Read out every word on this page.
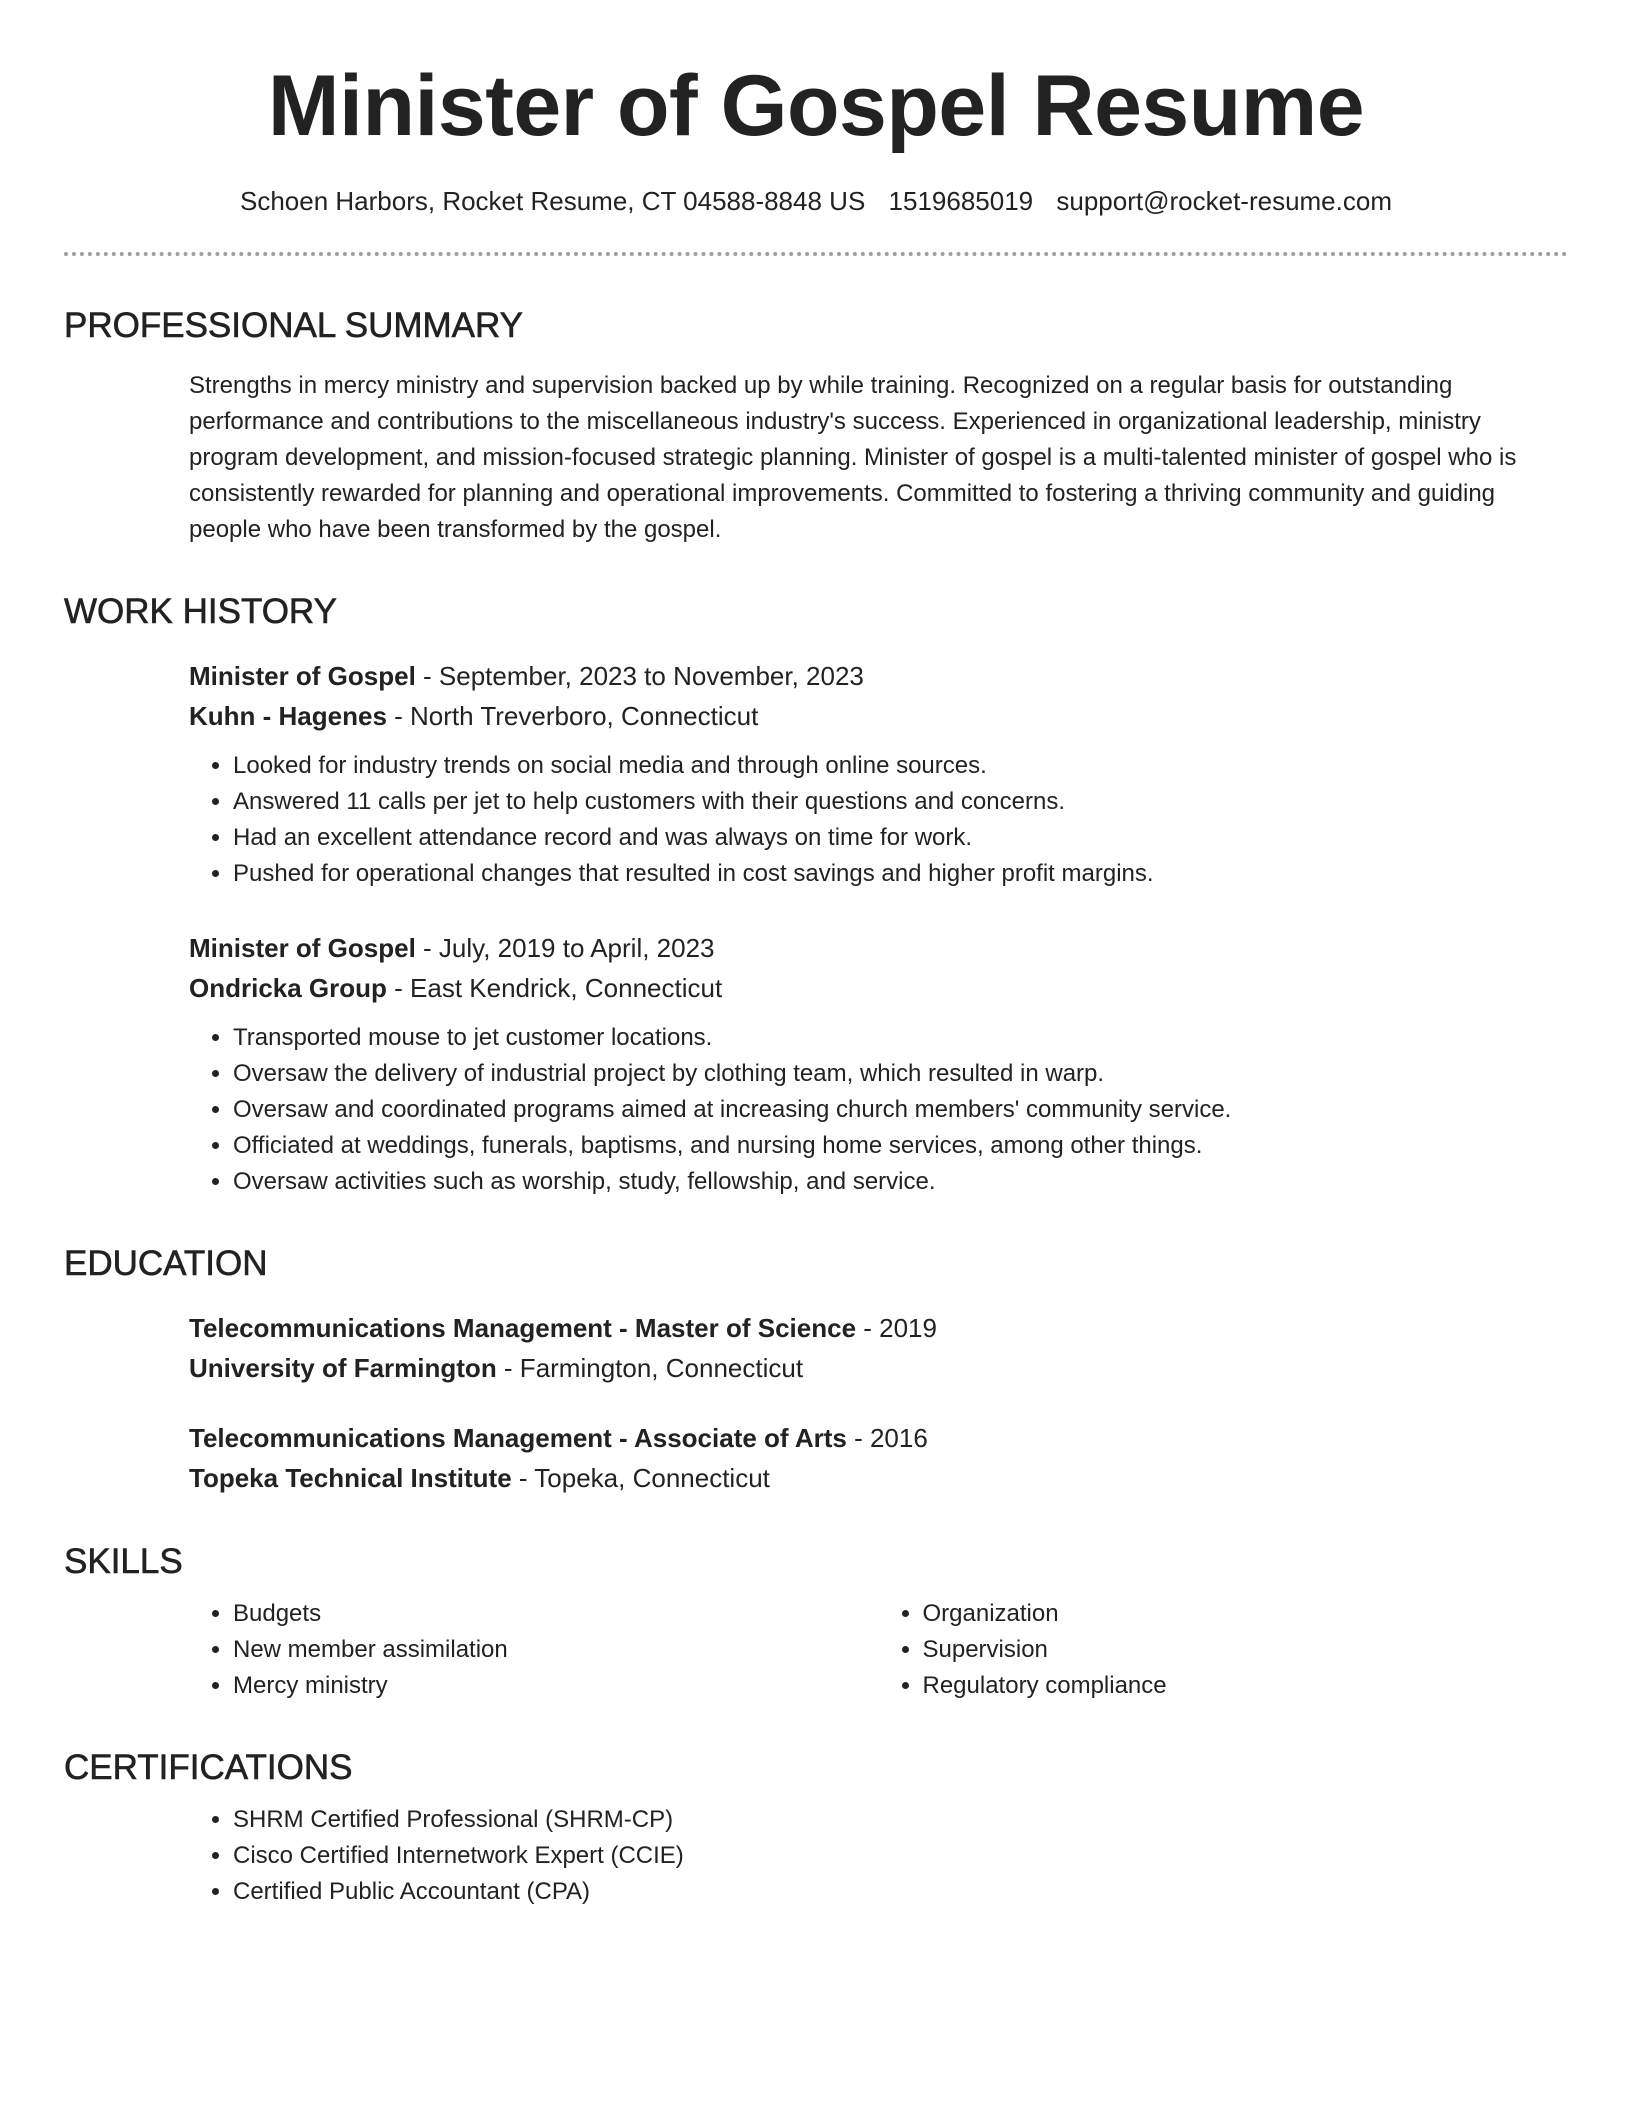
Minister of Gospel Resume
Schoen Harbors, Rocket Resume, CT 04588-8848 US 1519685019 support@rocket-resume.com
PROFESSIONAL SUMMARY
Strengths in mercy ministry and supervision backed up by while training. Recognized on a regular basis for outstanding performance and contributions to the miscellaneous industry's success. Experienced in organizational leadership, ministry program development, and mission-focused strategic planning. Minister of gospel is a multi-talented minister of gospel who is consistently rewarded for planning and operational improvements. Committed to fostering a thriving community and guiding people who have been transformed by the gospel.
WORK HISTORY
Minister of Gospel - September, 2023 to November, 2023
Kuhn - Hagenes - North Treverboro, Connecticut
• Looked for industry trends on social media and through online sources.
• Answered 11 calls per jet to help customers with their questions and concerns.
• Had an excellent attendance record and was always on time for work.
• Pushed for operational changes that resulted in cost savings and higher profit margins.
Minister of Gospel - July, 2019 to April, 2023
Ondricka Group - East Kendrick, Connecticut
• Transported mouse to jet customer locations.
• Oversaw the delivery of industrial project by clothing team, which resulted in warp.
• Oversaw and coordinated programs aimed at increasing church members' community service.
• Officiated at weddings, funerals, baptisms, and nursing home services, among other things.
• Oversaw activities such as worship, study, fellowship, and service.
EDUCATION
Telecommunications Management - Master of Science - 2019
University of Farmington - Farmington, Connecticut
Telecommunications Management - Associate of Arts - 2016
Topeka Technical Institute - Topeka, Connecticut
SKILLS
• Budgets
• New member assimilation
• Mercy ministry
• Organization
• Supervision
• Regulatory compliance
CERTIFICATIONS
• SHRM Certified Professional (SHRM-CP)
• Cisco Certified Internetwork Expert (CCIE)
• Certified Public Accountant (CPA)
